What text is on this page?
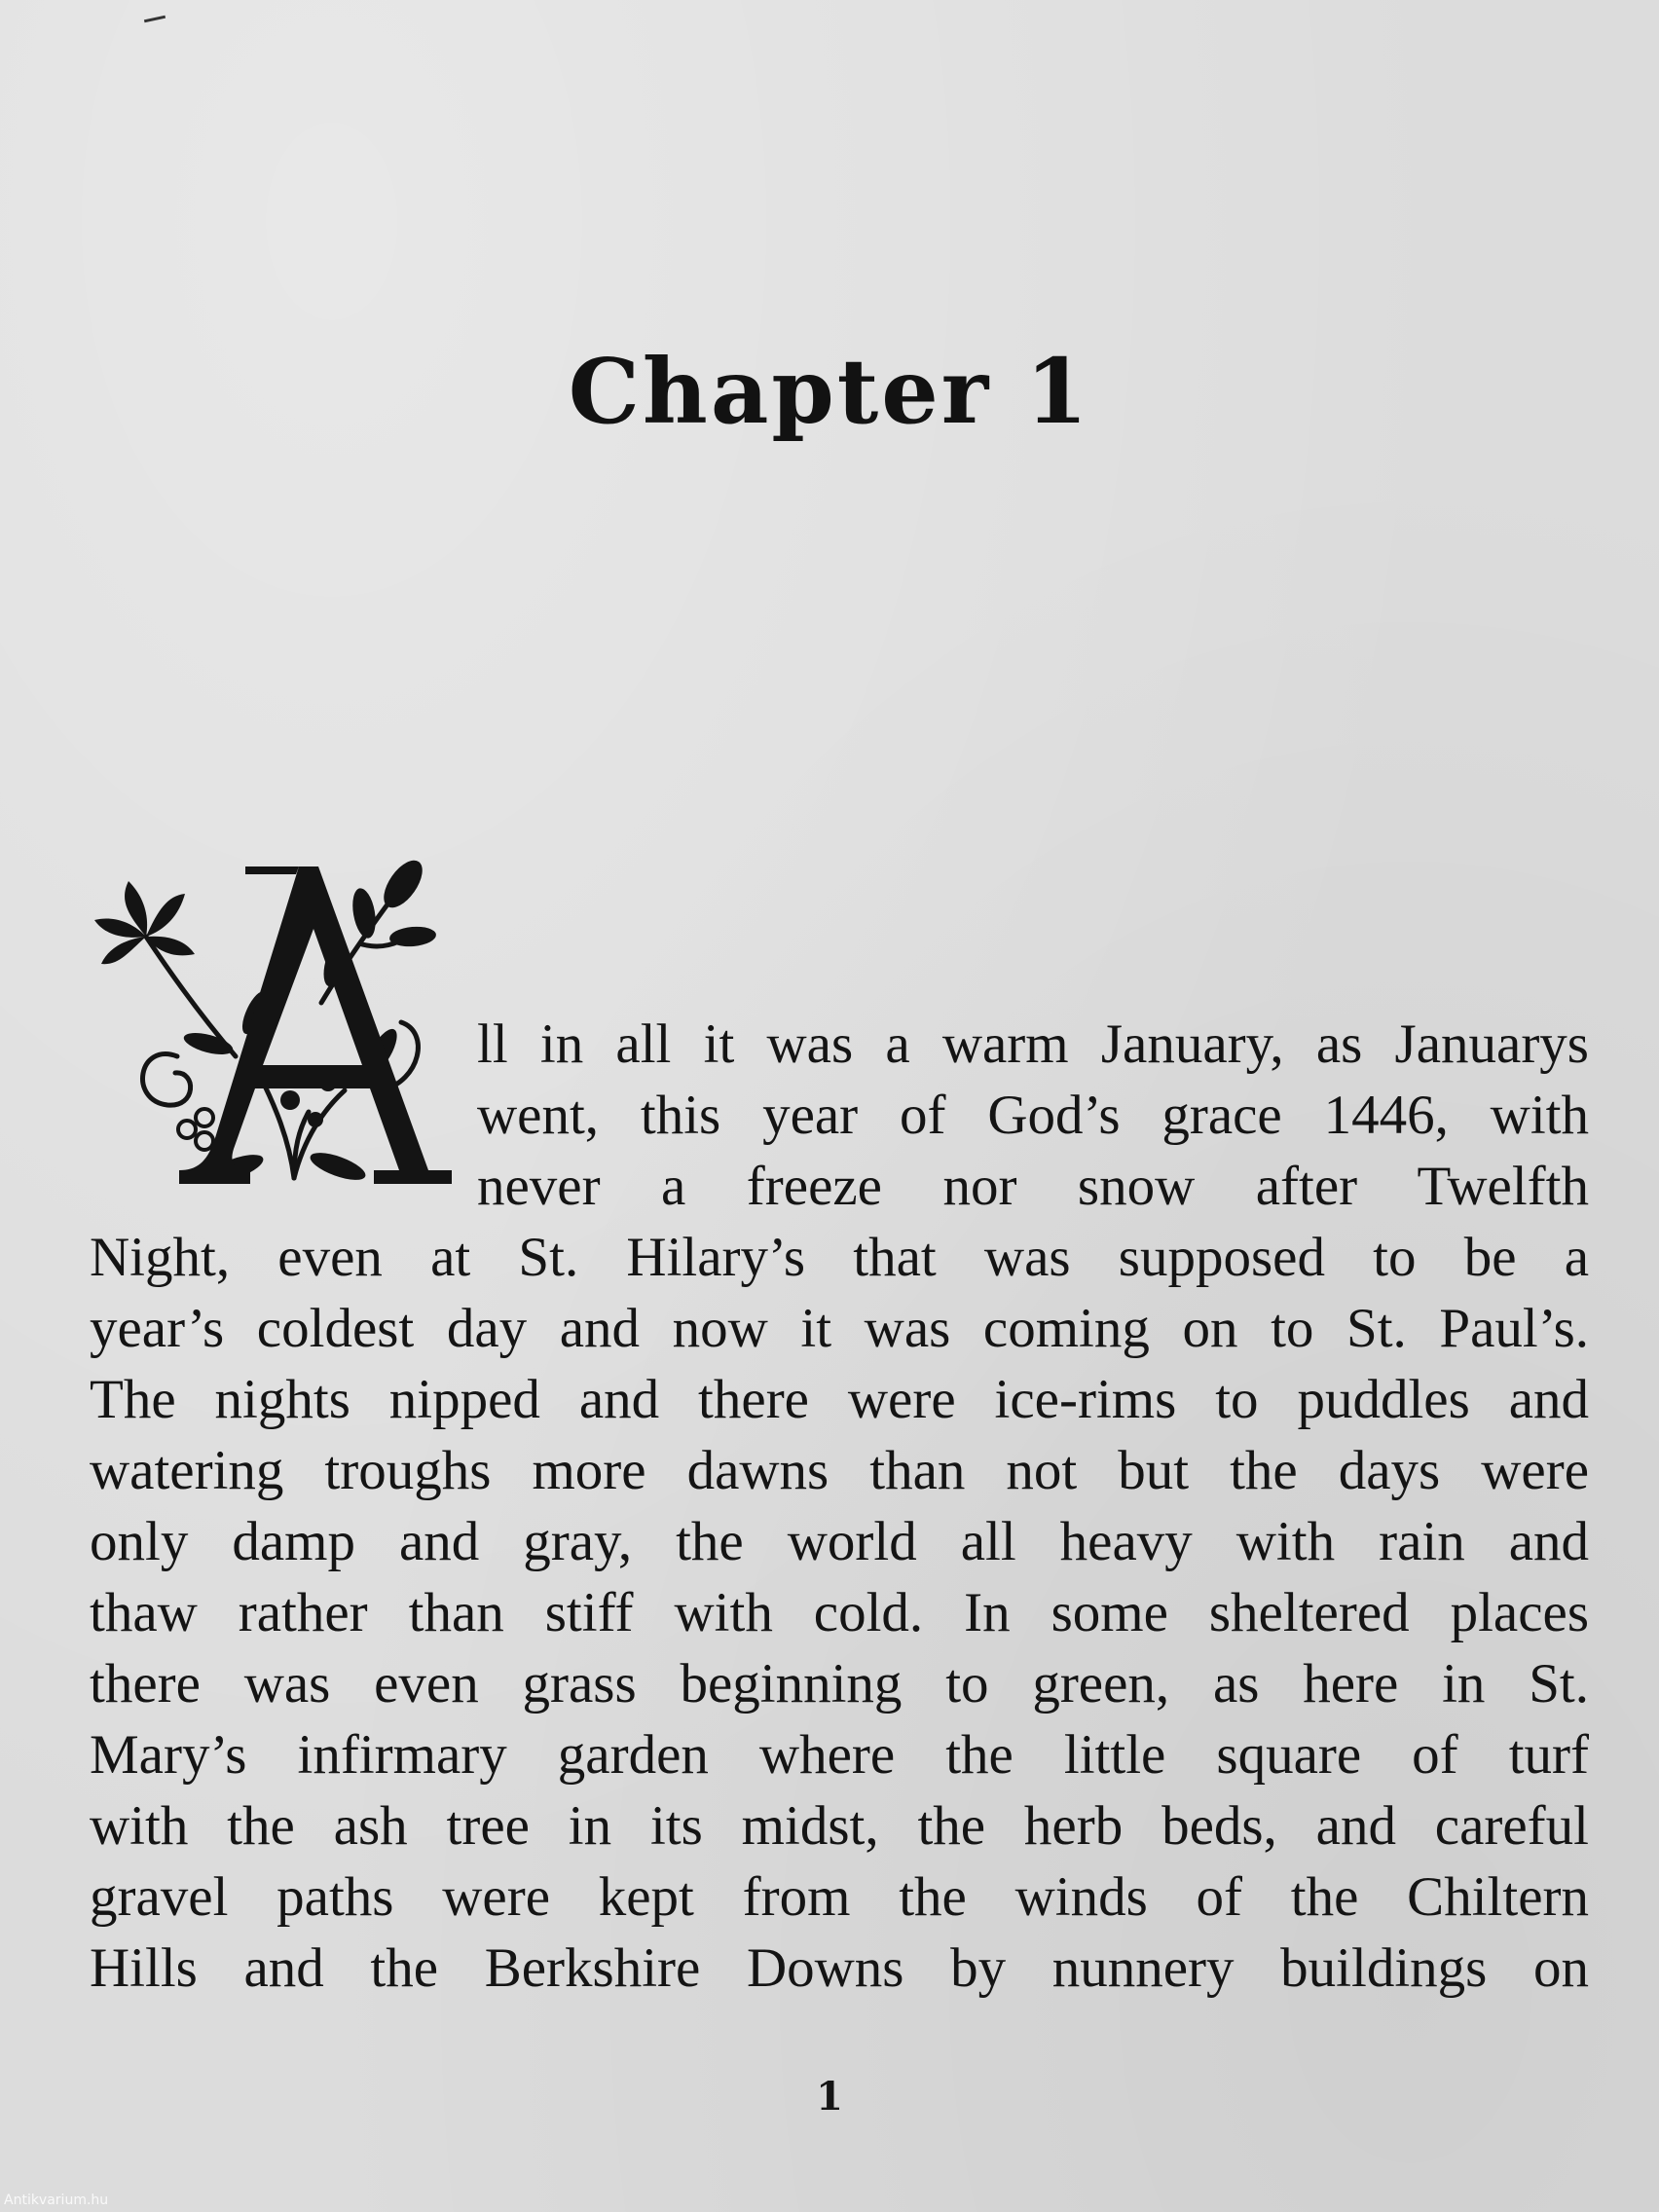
Chapter 1
ll in all it was a warm January, as Januarys
went, this year of God’s grace 1446, with
never a freeze nor snow after Twelfth
Night, even at St. Hilary’s that was supposed to be a
year’s coldest day and now it was coming on to St. Paul’s.
The nights nipped and there were ice-rims to puddles and
watering troughs more dawns than not but the days were
only damp and gray, the world all heavy with rain and
thaw rather than stiff with cold. In some sheltered places
there was even grass beginning to green, as here in St.
Mary’s infirmary garden where the little square of turf
with the ash tree in its midst, the herb beds, and careful
gravel paths were kept from the winds of the Chiltern
Hills and the Berkshire Downs by nunnery buildings on
1
Antikvarium.hu
